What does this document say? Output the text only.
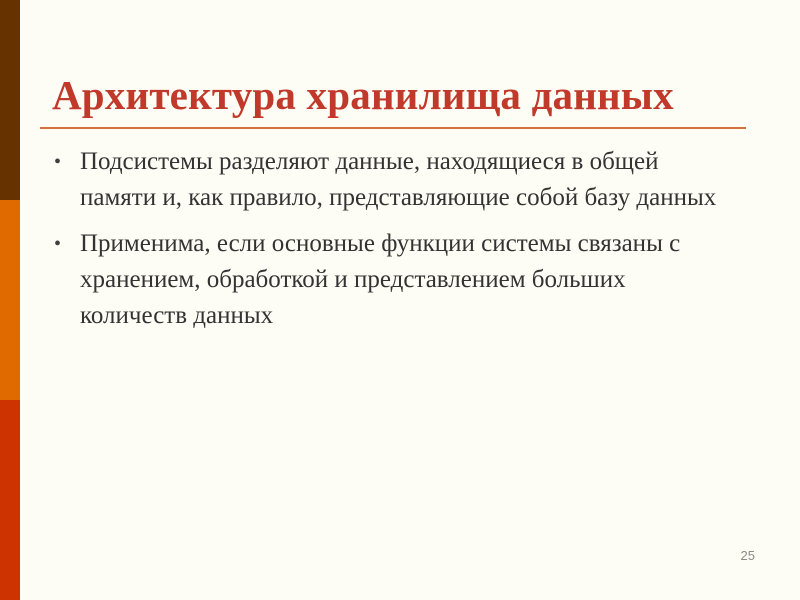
Архитектура хранилища данных
• Подсистемы разделяют данные, находящиеся в общей памяти и, как правило, представляющие собой базу данных
• Применима, если основные функции системы связаны с хранением, обработкой и представлением больших количеств данных
25
